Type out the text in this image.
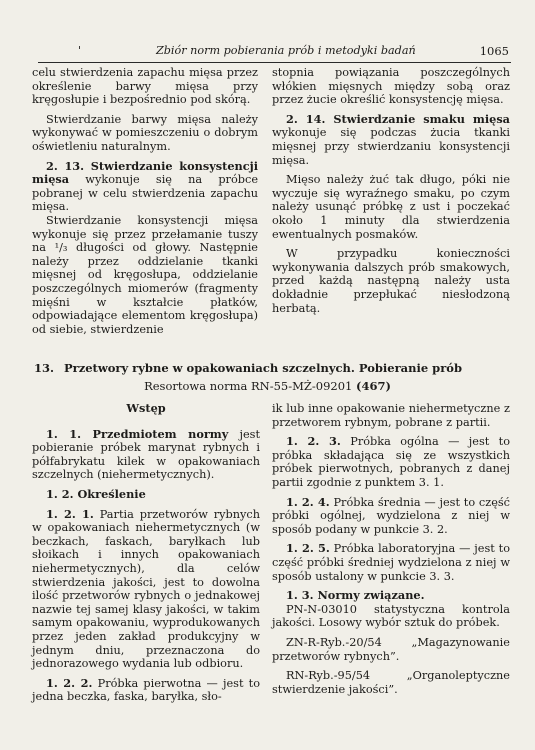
'	Zbiór norm pobierania prób i metodyki badań	1065

celu stwierdzenia zapachu mięsa przez określenie barwy mięsa przy kręgosłupie i bezpośrednio pod skórą.

Stwierdzanie barwy mięsa należy wykonywać w pomieszczeniu o dobrym oświetleniu naturalnym.

2. 13. Stwierdzanie konsystencji mięsa wykonuje się na próbce pobranej w celu stwierdzenia zapachu mięsa.

Stwierdzanie konsystencji mięsa wykonuje się przez przełamanie tuszy na ¹/₃ długości od głowy. Następnie należy przez oddzielanie tkanki mięsnej od kręgosłupa, oddzielanie poszczególnych miomerów (fragmenty mięśni w kształcie płatków, odpowiadające elementom kręgosłupa) od siebie, stwierdzenie

stopnia powiązania poszczególnych włókien mięsnych między sobą oraz przez żucie określić konsystencję mięsa.

2. 14. Stwierdzanie smaku mięsa wykonuje się podczas żucia tkanki mięsnej przy stwierdzaniu konsystencji mięsa.

Mięso należy żuć tak długo, póki nie wyczuje się wyraźnego smaku, po czym należy usunąć próbkę z ust i poczekać około 1 minuty dla stwierdzenia ewentualnych posmaków.

W przypadku konieczności wykonywania dalszych prób smakowych, przed każdą następną należy usta dokładnie przepłukać niesłodzoną herbatą.

13. Przetwory rybne w opakowaniach szczelnych. Pobieranie prób
Resortowa norma RN-55-MŻ-09201 (467)

Wstęp

1. 1. Przedmiotem normy jest pobieranie próbek marynat rybnych i półfabrykatu kilek w opakowaniach szczelnych (niehermetycznych).

1. 2. Określenie

1. 2. 1. Partia przetworów rybnych w opakowaniach niehermetycznych (w beczkach, faskach, baryłkach lub słoikach i innych opakowaniach niehermetycznych), dla celów stwierdzenia jakości, jest to dowolna ilość przetworów rybnych o jednakowej nazwie tej samej klasy jakości, w takim samym opakowaniu, wyprodukowanych przez jeden zakład produkcyjny w jednym dniu, przeznaczona do jednorazowego wydania lub odbioru.

1. 2. 2. Próbka pierwotna — jest to jedna beczka, faska, baryłka, sło-

ik lub inne opakowanie niehermetyczne z przetworem rybnym, pobrane z partii.

1. 2. 3. Próbka ogólna — jest to próbka składająca się ze wszystkich próbek pierwotnych, pobranych z danej partii zgodnie z punktem 3. 1.

1. 2. 4. Próbka średnia — jest to część próbki ogólnej, wydzielona z niej w sposób podany w punkcie 3. 2.

1. 2. 5. Próbka laboratoryjna — jest to część próbki średniej wydzielona z niej w sposób ustalony w punkcie 3. 3.

1. 3. Normy związane.

PN-N-03010 statystyczna kontrola jakości. Losowy wybór sztuk do próbek.

ZN-R-Ryb.-20/54 „Magazynowanie przetworów rybnych”.

RN-Ryb.-95/54 „Organoleptyczne stwierdzenie jakości”.
